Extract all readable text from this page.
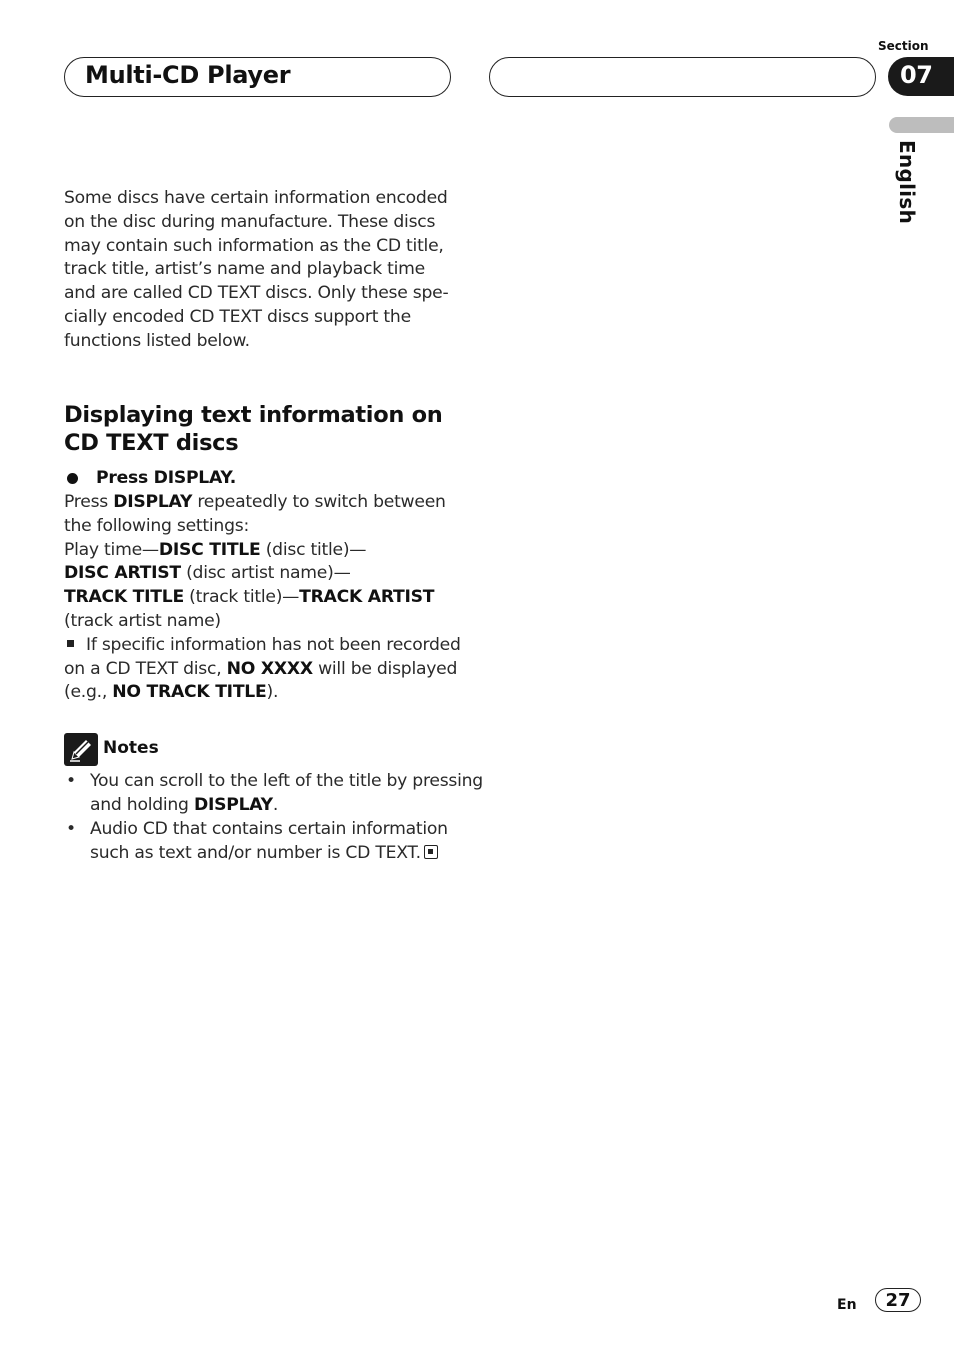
Multi-CD Player
Section
07
English
Some discs have certain information encoded
on the disc during manufacture. These discs
may contain such information as the CD title,
track title, artist’s name and playback time
and are called CD TEXT discs. Only these spe-
cially encoded CD TEXT discs support the
functions listed below.
Displaying text information on
CD TEXT discs
Press DISPLAY.
Press DISPLAY repeatedly to switch between
the following settings:
Play time—DISC TITLE (disc title)—
DISC ARTIST (disc artist name)—
TRACK TITLE (track title)—TRACK ARTIST
(track artist name)
If specific information has not been recorded
on a CD TEXT disc, NO XXXX will be displayed
(e.g., NO TRACK TITLE).
Notes
• You can scroll to the left of the title by pressing
and holding DISPLAY.
• Audio CD that contains certain information
such as text and/or number is CD TEXT.
En	27
